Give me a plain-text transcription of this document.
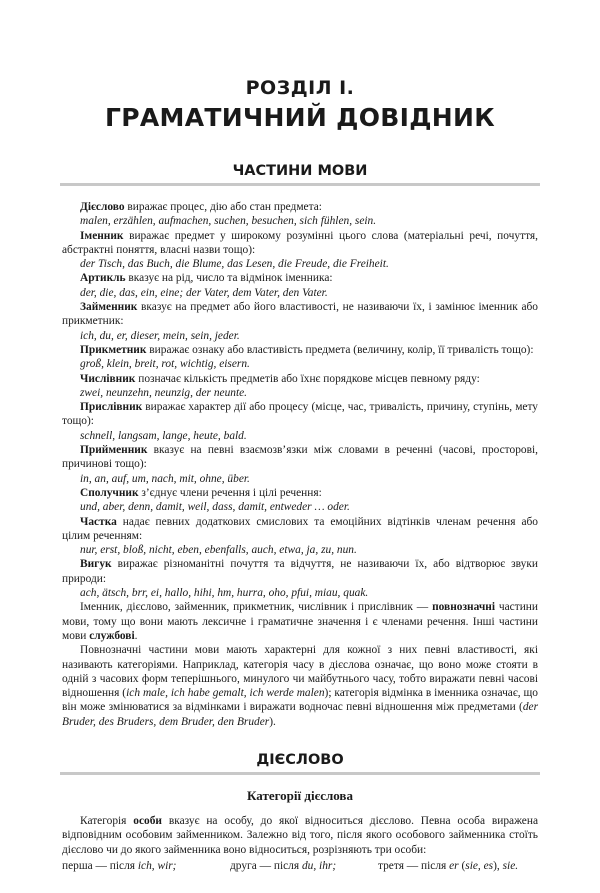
РОЗДІЛ І.
ГРАМАТИЧНИЙ ДОВІДНИК
ЧАСТИНИ МОВИ

Дієслово виражає процес, дію або стан предмета:

malen, erzählen, aufmachen, suchen, besuchen, sich fühlen, sein.

Іменник виражає предмет у широкому розумінні цього слова (матеріальні речі, почуття, абстрактні поняття, власні назви тощо):

der Tisch, das Buch, die Blume, das Lesen, die Freude, die Freiheit.

Артикль вказує на рід, число та відмінок іменника:

der, die, das, ein, eine; der Vater, dem Vater, den Vater.

Займенник вказує на предмет або його властивості, не називаючи їх, і замінює іменник або прикметник:

ich, du, er, dieser, mein, sein, jeder.

Прикметник виражає ознаку або властивість предмета (величину, колір, її тривалість тощо):

groß, klein, breit, rot, wichtig, eisern.

Числівник позначає кількість предметів або їхнє порядкове місцев певному ряду:

zwei, neunzehn, neunzig, der neunte.

Прислівник виражає характер дії або процесу (місце, час, тривалість, причину, ступінь, мету тощо):

schnell, langsam, lange, heute, bald.

Прийменник вказує на певні взаємозв’язки між словами в реченні (часові, просторові, причинові тощо):

in, an, auf, um, nach, mit, ohne, über.

Сполучник з’єднує члени речення і цілі речення:

und, aber, denn, damit, weil, dass, damit, entweder … oder.

Частка надає певних додаткових смислових та емоційних відтінків членам речення або цілим реченням:

nur, erst, bloß, nicht, eben, ebenfalls, auch, etwa, ja, zu, nun.

Вигук виражає різноманітні почуття та відчуття, не називаючи їх, або відтворює звуки природи:

ach, ätsch, brr, ei, hallo, hihi, hm, hurra, oho, pfui, miau, quak.

Іменник, дієслово, займенник, прикметник, числівник і прислівник — повнозначні частини мови, тому що вони мають лексичне і граматичне значення і є членами речення. Інші частини мови службові.

Повнозначні частини мови мають характерні для кожної з них певні властивості, які називають категоріями. Наприклад, категорія часу в дієслова означає, що воно може стояти в одній з часових форм теперішнього, минулого чи майбутнього часу, тобто виражати певні часові відношення (ich male, ich habe gemalt, ich werde malen); категорія відмінка в іменника означає, що він може змінюватися за відмінками і виражати водночас певні відношення між предметами (der Bruder, des Bruders, dem Bruder, den Bruder).

ДІЄСЛОВО
Категорії дієслова

Категорія особи вказує на особу, до якої відноситься дієслово. Певна особа виражена відповідним особовим займенником. Залежно від того, після якого особового займенника стоїть дієслово чи до якого займенника воно відноситься, розрізняють три особи:

перша — після ich, wir;	друга — після du, ihr;	третя — після er (sie, es), sie.
